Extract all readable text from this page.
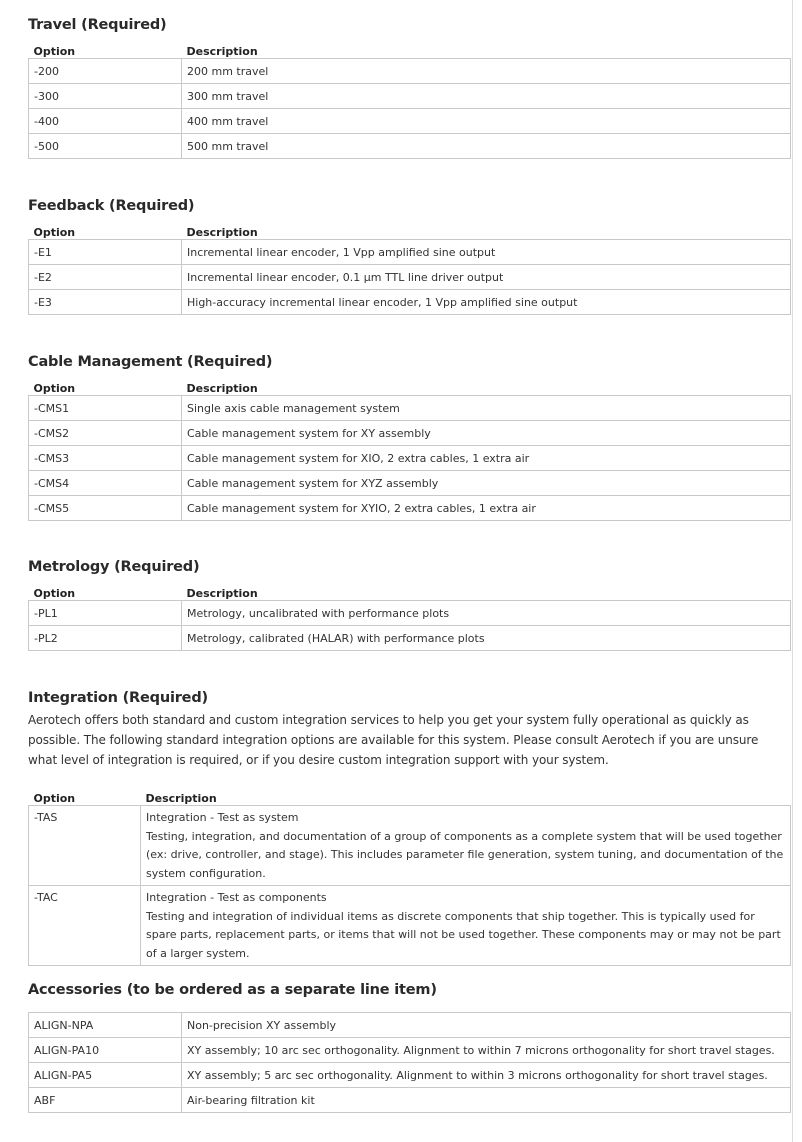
Travel (Required)
Option	Description
-200	200 mm travel
-300	300 mm travel
-400	400 mm travel
-500	500 mm travel
Feedback (Required)
Option	Description
-E1	Incremental linear encoder, 1 Vpp amplified sine output
-E2	Incremental linear encoder, 0.1 µm TTL line driver output
-E3	High-accuracy incremental linear encoder, 1 Vpp amplified sine output
Cable Management (Required)
Option	Description
-CMS1	Single axis cable management system
-CMS2	Cable management system for XY assembly
-CMS3	Cable management system for XIO, 2 extra cables, 1 extra air
-CMS4	Cable management system for XYZ assembly
-CMS5	Cable management system for XYIO, 2 extra cables, 1 extra air
Metrology (Required)
Option	Description
-PL1	Metrology, uncalibrated with performance plots
-PL2	Metrology, calibrated (HALAR) with performance plots
Integration (Required)

Aerotech offers both standard and custom integration services to help you get your system fully operational as quickly as possible. The following standard integration options are available for this system. Please consult Aerotech if you are unsure what level of integration is required, or if you desire custom integration support with your system.

Option	Description
-TAS	Integration - Test as system
Testing, integration, and documentation of a group of components as a complete system that will be used together (ex: drive, controller, and stage). This includes parameter file generation, system tuning, and documentation of the system configuration.

-TAC	Integration - Test as components
Testing and integration of individual items as discrete components that ship together. This is typically used for spare parts, replacement parts, or items that will not be used together. These components may or may not be part of a larger system.
Accessories (to be ordered as a separate line item)
ALIGN-NPA	Non-precision XY assembly
ALIGN-PA10	XY assembly; 10 arc sec orthogonality. Alignment to within 7 microns orthogonality for short travel stages.
ALIGN-PA5	XY assembly; 5 arc sec orthogonality. Alignment to within 3 microns orthogonality for short travel stages.
ABF	Air-bearing filtration kit
